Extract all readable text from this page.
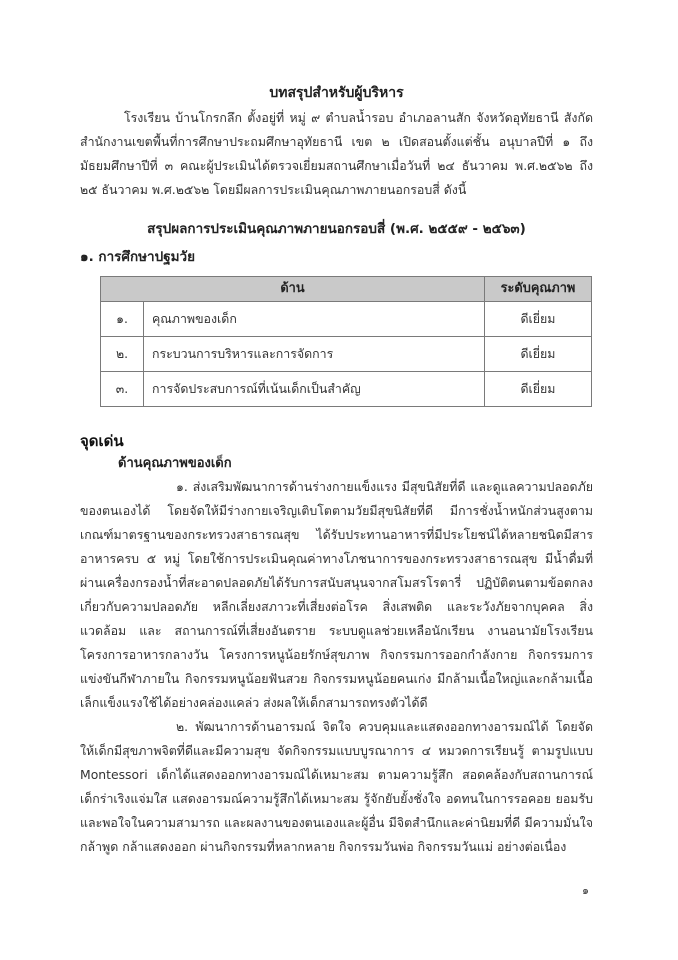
บทสรุปสำหรับผู้บริหาร

โรงเรียน บ้านโกรกลึก ตั้งอยู่ที่ หมู่ ๙ ตำบลน้ำรอบ อำเภอลานสัก จังหวัดอุทัยธานี สังกัดสำนักงานเขตพื้นที่การศึกษาประถมศึกษาอุทัยธานี เขต ๒ เปิดสอนตั้งแต่ชั้น อนุบาลปีที่ ๑ ถึงมัธยมศึกษาปีที่ ๓ คณะผู้ประเมินได้ตรวจเยี่ยมสถานศึกษาเมื่อวันที่ ๒๔ ธันวาคม พ.ศ.๒๕๖๒ ถึง ๒๕ ธันวาคม พ.ศ.๒๕๖๒ โดยมีผลการประเมินคุณภาพภายนอกรอบสี่ ดังนี้

สรุปผลการประเมินคุณภาพภายนอกรอบสี่ (พ.ศ. ๒๕๕๙ - ๒๕๖๓)
๑. การศึกษาปฐมวัย
ด้าน		ระดับคุณภาพ
๑.	คุณภาพของเด็ก	ดีเยี่ยม
๒.	กระบวนการบริหารและการจัดการ	ดีเยี่ยม
๓.	การจัดประสบการณ์ที่เน้นเด็กเป็นสำคัญ	ดีเยี่ยม
จุดเด่น
ด้านคุณภาพของเด็ก

๑. ส่งเสริมพัฒนาการด้านร่างกายแข็งแรง มีสุขนิสัยที่ดี และดูแลความปลอดภัยของตนเองได้ โดยจัดให้มีร่างกายเจริญเติบโตตามวัยมีสุขนิสัยที่ดี มีการชั่งน้ำหนักส่วนสูงตามเกณฑ์มาตรฐานของกระทรวงสาธารณสุข ได้รับประทานอาหารที่มีประโยชน์ได้หลายชนิดมีสารอาหารครบ ๕ หมู่ โดยใช้การประเมินคุณค่าทางโภชนาการของกระทรวงสาธารณสุข มีน้ำดื่มที่ผ่านเครื่องกรองน้ำที่สะอาดปลอดภัยได้รับการสนับสนุนจากสโมสรโรตารี่ ปฏิบัติตนตามข้อตกลง เกี่ยวกับความปลอดภัย หลีกเลี่ยงสภาวะที่เสี่ยงต่อโรค สิ่งเสพติด และระวังภัยจากบุคคล สิ่งแวดล้อม และ สถานการณ์ที่เสี่ยงอันตราย ระบบดูแลช่วยเหลือนักเรียน งานอนามัยโรงเรียน โครงการอาหารกลางวัน โครงการหนูน้อยรักษ์สุขภาพ กิจกรรมการออกกำลังกาย กิจกรรมการแข่งขันกีฬาภายใน กิจกรรมหนูน้อยฟันสวย กิจกรรมหนูน้อยคนเก่ง มีกล้ามเนื้อใหญ่และกล้ามเนื้อเล็กแข็งแรงใช้ได้อย่างคล่องแคล่ว ส่งผลให้เด็กสามารถทรงตัวได้ดี

๒. พัฒนาการด้านอารมณ์ จิตใจ ควบคุมและแสดงออกทางอารมณ์ได้ โดยจัดให้เด็กมีสุขภาพจิตที่ดีและมีความสุข จัดกิจกรรมแบบบูรณาการ ๔ หมวดการเรียนรู้ ตามรูปแบบ Montessori เด็กได้แสดงออกทางอารมณ์ได้เหมาะสม ตามความรู้สึก สอดคล้องกับสถานการณ์ เด็กร่าเริงแจ่มใส แสดงอารมณ์ความรู้สึกได้เหมาะสม รู้จักยับยั้งชั่งใจ อดทนในการรอคอย ยอมรับและพอใจในความสามารถ และผลงานของตนเองและผู้อื่น มีจิตสำนึกและค่านิยมที่ดี มีความมั่นใจ กล้าพูด กล้าแสดงออก ผ่านกิจกรรมที่หลากหลาย กิจกรรมวันพ่อ กิจกรรมวันแม่ อย่างต่อเนื่อง

๑
